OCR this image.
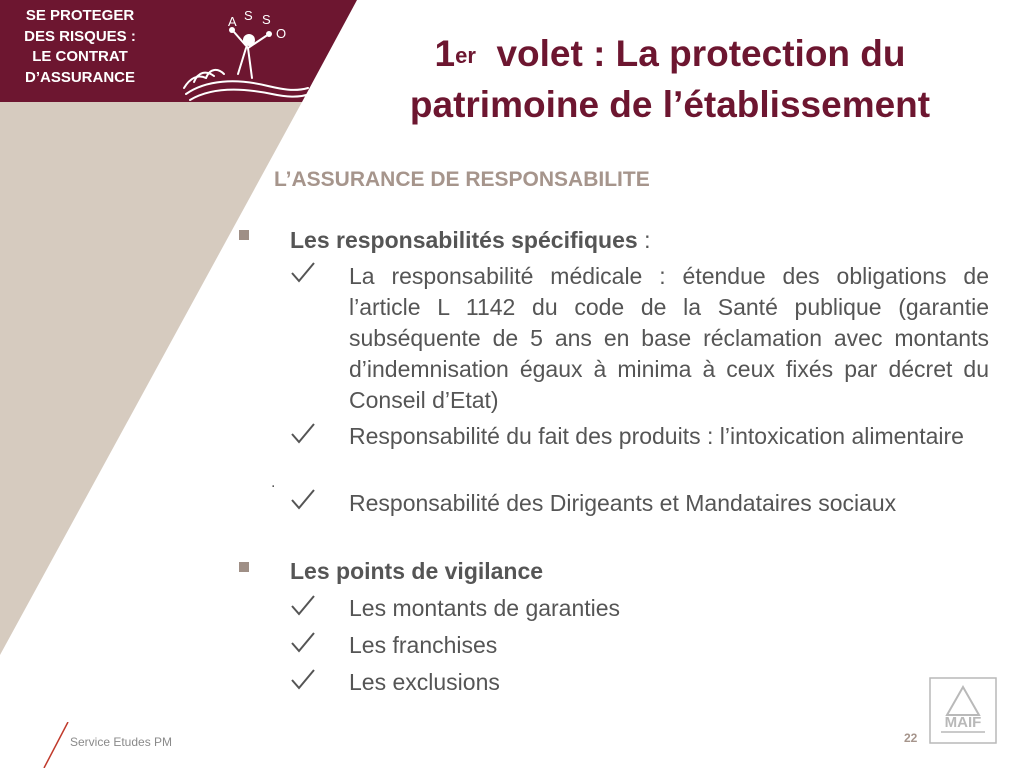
SE PROTEGER
DES RISQUES :
LE CONTRAT
D’ASSURANCE
A S S
O	1er volet : La protection du
patrimoine de l’établissement
L’ASSURANCE DE RESPONSABILITE
Les responsabilités spécifiques :
La responsabilité médicale : étendue des obligations de l’article L 1142 du code de la Santé publique (garantie subséquente de 5 ans en base réclamation avec montants d’indemnisation égaux à minima à ceux fixés par décret du Conseil d’Etat)
Responsabilité du fait des produits : l’intoxication alimentaire
.
Responsabilité des Dirigeants et Mandataires sociaux
Les points de vigilance
Les montants de garanties
Les franchises
Les exclusions
Service Etudes PM	22
MAIF
